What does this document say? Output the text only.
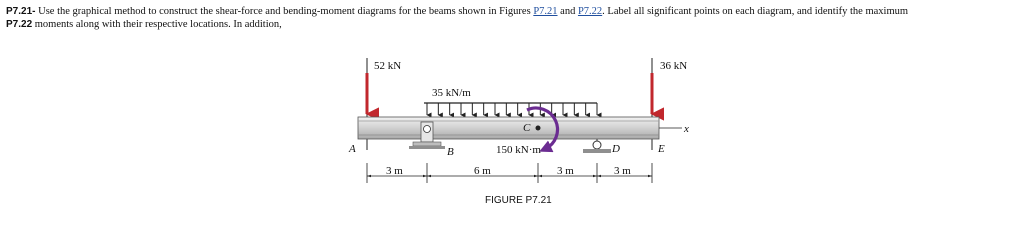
P7.21- Use the graphical method to construct the shear-force and bending-moment diagrams for the beams shown in Figures P7.21 and P7.22. Label all significant points on each diagram, and identify the maximum
P7.22 moments along with their respective locations. In addition,
52 kN	36 kN
35 kN/m
x
C
150 kN·m
A	B	D	E
3 m	6 m	3 m	3 m
FIGURE P7.21
